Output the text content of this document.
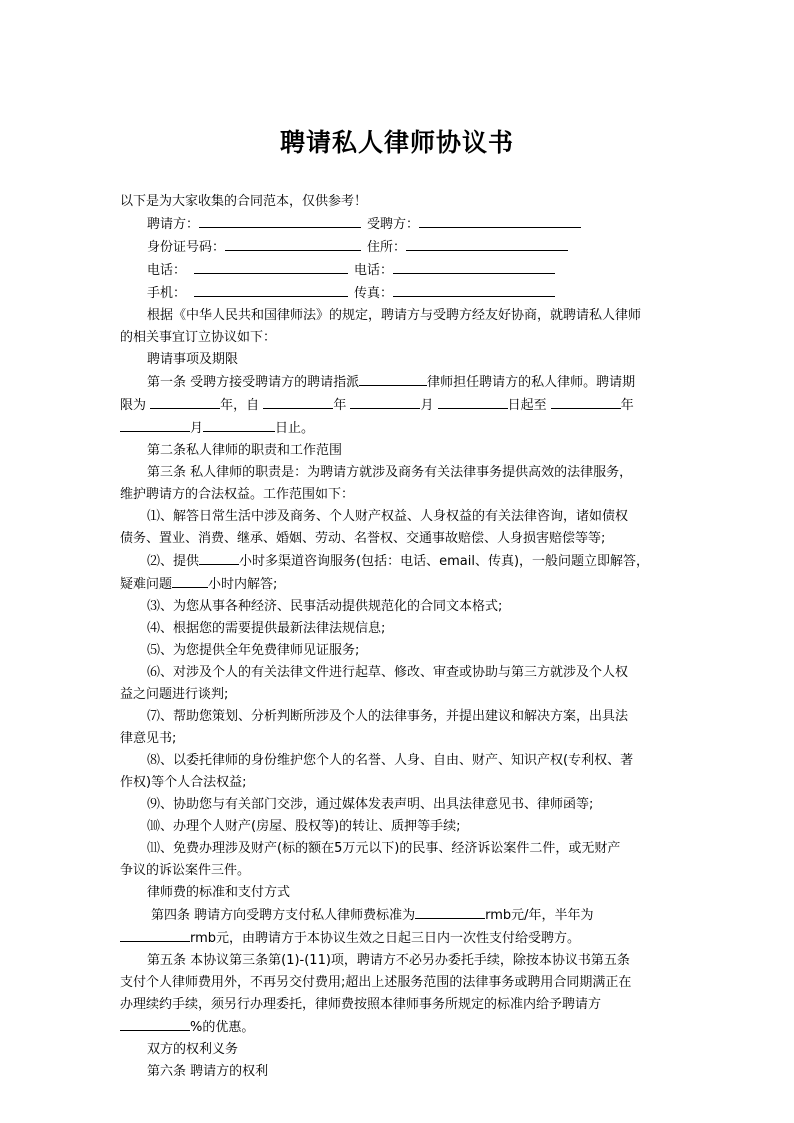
聘请私人律师协议书
以下是为大家收集的合同范本，仅供参考！
聘请方：	受聘方：
身份证号码：	住所：
电话：	电话：
手机：	传真：
根据《中华人民共和国律师法》的规定，聘请方与受聘方经友好协商，就聘请私人律师
的相关事宜订立协议如下：
聘请事项及期限
第一条 受聘方接受聘请方的聘请指派	律师担任聘请方的私人律师。聘请期
限为	年，自	年	月	日起至	年
月	日止。
第二条私人律师的职责和工作范围
第三条 私人律师的职责是：为聘请方就涉及商务有关法律事务提供高效的法律服务，
维护聘请方的合法权益。工作范围如下：
⑴、解答日常生活中涉及商务、个人财产权益、人身权益的有关法律咨询，诸如债权
债务、置业、消费、继承、婚姻、劳动、名誉权、交通事故赔偿、人身损害赔偿等等;
⑵、提供	小时多渠道咨询服务(包括：电话、email、传真)，一般问题立即解答，
疑难问题	小时内解答;
⑶、为您从事各种经济、民事活动提供规范化的合同文本格式;
⑷、根据您的需要提供最新法律法规信息;
⑸、为您提供全年免费律师见证服务;
⑹、对涉及个人的有关法律文件进行起草、修改、审查或协助与第三方就涉及个人权
益之问题进行谈判;
⑺、帮助您策划、分析判断所涉及个人的法律事务，并提出建议和解决方案，出具法
律意见书;
⑻、以委托律师的身份维护您个人的名誉、人身、自由、财产、知识产权(专利权、著
作权)等个人合法权益;
⑼、协助您与有关部门交涉，通过媒体发表声明、出具法律意见书、律师函等;
⑽、办理个人财产(房屋、股权等)的转让、质押等手续;
⑾、免费办理涉及财产(标的额在5万元以下)的民事、经济诉讼案件二件，或无财产
争议的诉讼案件三件。
律师费的标准和支付方式
第四条 聘请方向受聘方支付私人律师费标准为	rmb元/年，半年为
rmb元，由聘请方于本协议生效之日起三日内一次性支付给受聘方。
第五条 本协议第三条第(1)-(11)项，聘请方不必另办委托手续，除按本协议书第五条
支付个人律师费用外，不再另交付费用;超出上述服务范围的法律事务或聘用合同期满正在
办理续约手续，须另行办理委托，律师费按照本律师事务所规定的标准内给予聘请方
%的优惠。
双方的权利义务
第六条 聘请方的权利
